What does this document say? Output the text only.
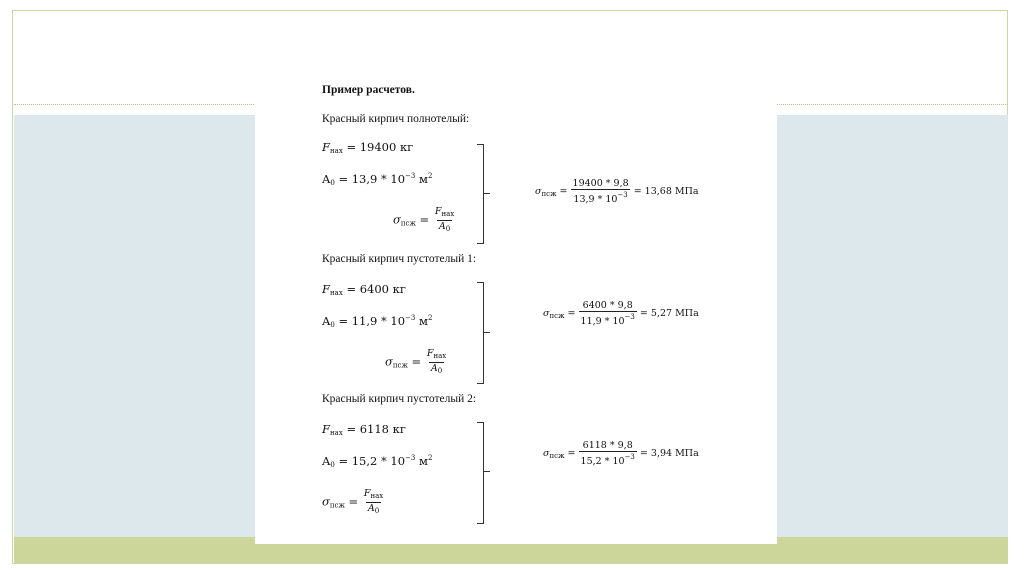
Пример расчетов.
Красный кирпич полнотелый:
$F_{нах} = 19400$ кг
$A_0 = 13,9 * 10^{-3}$ $м^2$
$\sigma_{псж} = \frac{F_{нах}}{A_0}$
$\sigma_{псж} = \frac{19400 * 9,8}{13,9 * 10^{-3}} = 13,68$ МПа
Красный кирпич пустотелый 1:
$F_{нах} = 6400$ кг
$A_0 = 11,9 * 10^{-3}$ $м^2$
$\sigma_{псж} = \frac{F_{нах}}{A_0}$
$\sigma_{псж} = \frac{6400 * 9,8}{11,9 * 10^{-3}} = 5,27$ МПа
Красный кирпич пустотелый 2:
$F_{нах} = 6118$ кг
$A_0 = 15,2 * 10^{-3}$ $м^2$
$\sigma_{псж} = \frac{F_{нах}}{A_0}$
$\sigma_{псж} = \frac{6118 * 9,8}{15,2 * 10^{-3}} = 3,94$ МПа
